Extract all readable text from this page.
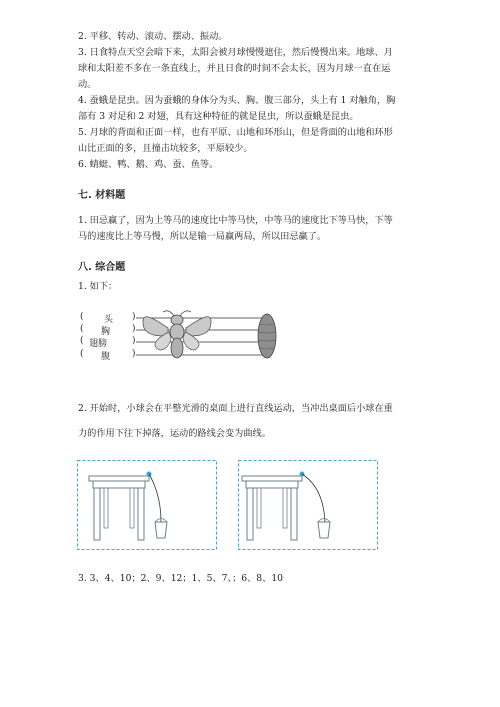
2. 平移、转动、滚动、摆动、振动。

3. 日食特点天空会暗下来，太阳会被月球慢慢遮住，然后慢慢出来。地球、月

球和太阳差不多在一条直线上，并且日食的时间不会太长，因为月球一直在运

动。

4. 蚕蛾是昆虫。因为蚕蛾的身体分为头、胸、腹三部分，头上有 1 对触角，胸

部有 3 对足和 2 对翅，具有这种特征的就是昆虫，所以蚕蛾是昆虫。

5. 月球的背面和正面一样，也有平原、山地和环形山，但是背面的山地和环形

山比正面的多，且撞击坑较多，平原较少。

6. 蜻蜓、鸭、鹅、鸡、蚕、鱼等。

七. 材料题

1. 田忌赢了，因为上等马的速度比中等马快，中等马的速度比下等马快，下等

马的速度比上等马慢，所以是输一局赢两局，所以田忌赢了。

八. 综合题

1. 如下：

( 头 )
( 胸 )
( 翅膀	)
( 腹 )

2. 开始时，小球会在平整光滑的桌面上进行直线运动，当冲出桌面后小球在重

力的作用下往下掉落，运动的路线会变为曲线。

3. 3、4、10；2、9、12；1、5、7、；6、8、10
